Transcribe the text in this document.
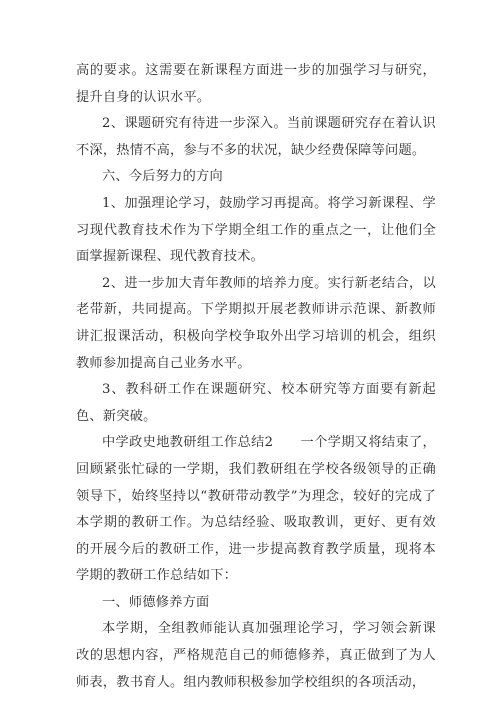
高的要求。这需要在新课程方面进一步的加强学习与研究，提升自身的认识水平。

2、课题研究有待进一步深入。当前课题研究存在着认识不深，热情不高，参与不多的状况，缺少经费保障等问题。

六、今后努力的方向

1、加强理论学习，鼓励学习再提高。将学习新课程、学习现代教育技术作为下学期全组工作的重点之一，让他们全面掌握新课程、现代教育技术。

2、进一步加大青年教师的培养力度。实行新老结合，以老带新，共同提高。下学期拟开展老教师讲示范课、新教师讲汇报课活动，积极向学校争取外出学习培训的机会，组织教师参加提高自己业务水平。

3、教科研工作在课题研究、校本研究等方面要有新起色、新突破。

中学政史地教研组工作总结2　　一个学期又将结束了，回顾紧张忙碌的一学期，我们教研组在学校各级领导的正确领导下，始终坚持以“教研带动教学”为理念，较好的完成了本学期的教研工作。为总结经验、吸取教训，更好、更有效的开展今后的教研工作，进一步提高教育教学质量，现将本学期的教研工作总结如下：

一、师德修养方面

本学期，全组教师能认真加强理论学习，学习领会新课改的思想内容，严格规范自己的师德修养，真正做到了为人师表，教书育人。组内教师积极参加学校组织的各项活动，
